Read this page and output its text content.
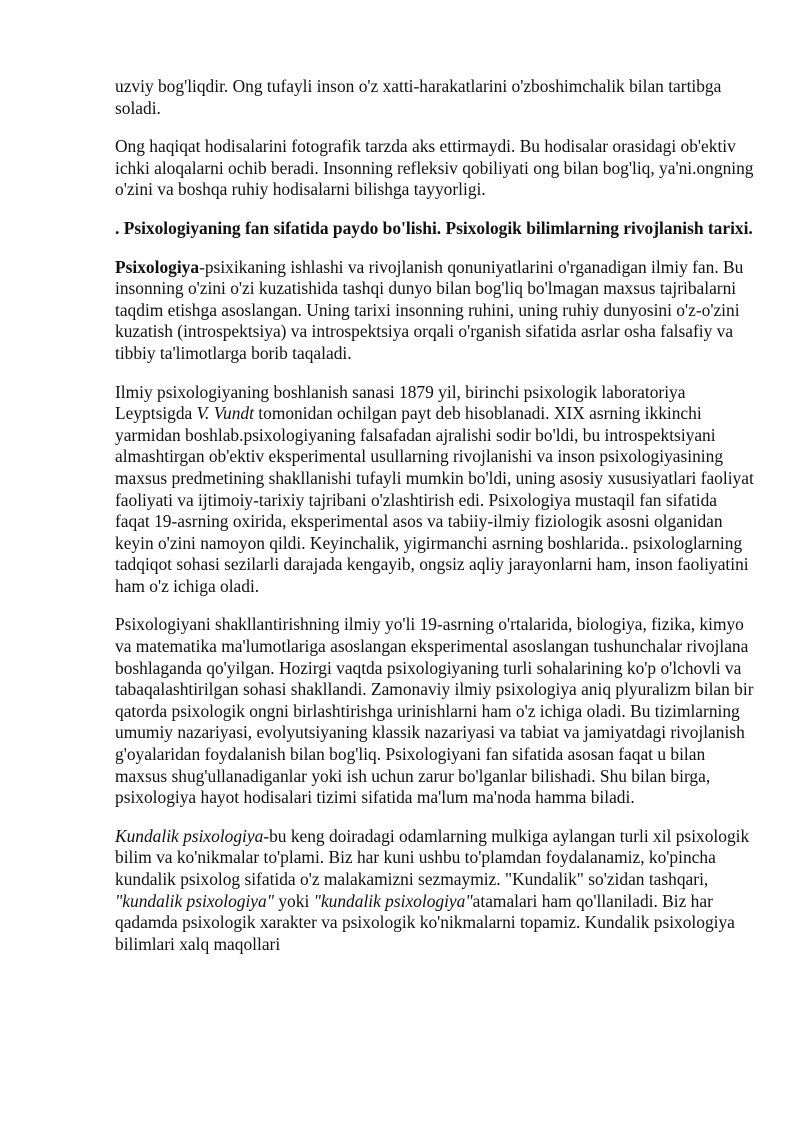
uzviy bog'liqdir. Ong tufayli inson o'z xatti-harakatlarini o'zboshimchalik bilan tartibga soladi.

Ong haqiqat hodisalarini fotografik tarzda aks ettirmaydi. Bu hodisalar orasidagi ob'ektiv ichki aloqalarni ochib beradi. Insonning refleksiv qobiliyati ong bilan bog'liq, ya'ni.ongning o'zini va boshqa ruhiy hodisalarni bilishga tayyorligi.

. Psixologiyaning fan sifatida paydo bo'lishi. Psixologik bilimlarning rivojlanish tarixi.

Psixologiya-psixikaning ishlashi va rivojlanish qonuniyatlarini o'rganadigan ilmiy fan. Bu insonning o'zini o'zi kuzatishida tashqi dunyo bilan bog'liq bo'lmagan maxsus tajribalarni taqdim etishga asoslangan. Uning tarixi insonning ruhini, uning ruhiy dunyosini o'z-o'zini kuzatish (introspektsiya) va introspektsiya orqali o'rganish sifatida asrlar osha falsafiy va tibbiy ta'limotlarga borib taqaladi.

Ilmiy psixologiyaning boshlanish sanasi 1879 yil, birinchi psixologik laboratoriya Leyptsigda V. Vundt tomonidan ochilgan payt deb hisoblanadi. XIX asrning ikkinchi yarmidan boshlab.psixologiyaning falsafadan ajralishi sodir bo'ldi, bu introspektsiyani almashtirgan ob'ektiv eksperimental usullarning rivojlanishi va inson psixologiyasining maxsus predmetining shakllanishi tufayli mumkin bo'ldi, uning asosiy xususiyatlari faoliyat faoliyati va ijtimoiy-tarixiy tajribani o'zlashtirish edi. Psixologiya mustaqil fan sifatida faqat 19-asrning oxirida, eksperimental asos va tabiiy-ilmiy fiziologik asosni olganidan keyin o'zini namoyon qildi. Keyinchalik, yigirmanchi asrning boshlarida.. psixologlarning tadqiqot sohasi sezilarli darajada kengayib, ongsiz aqliy jarayonlarni ham, inson faoliyatini ham o'z ichiga oladi.

Psixologiyani shakllantirishning ilmiy yo'li 19-asrning o'rtalarida, biologiya, fizika, kimyo va matematika ma'lumotlariga asoslangan eksperimental asoslangan tushunchalar rivojlana boshlaganda qo'yilgan. Hozirgi vaqtda psixologiyaning turli sohalarining ko'p o'lchovli va tabaqalashtirilgan sohasi shakllandi. Zamonaviy ilmiy psixologiya aniq plyuralizm bilan bir qatorda psixologik ongni birlashtirishga urinishlarni ham o'z ichiga oladi. Bu tizimlarning umumiy nazariyasi, evolyutsiyaning klassik nazariyasi va tabiat va jamiyatdagi rivojlanish g'oyalaridan foydalanish bilan bog'liq. Psixologiyani fan sifatida asosan faqat u bilan maxsus shug'ullanadiganlar yoki ish uchun zarur bo'lganlar bilishadi. Shu bilan birga, psixologiya hayot hodisalari tizimi sifatida ma'lum ma'noda hamma biladi.

Kundalik psixologiya-bu keng doiradagi odamlarning mulkiga aylangan turli xil psixologik bilim va ko'nikmalar to'plami. Biz har kuni ushbu to'plamdan foydalanamiz, ko'pincha kundalik psixolog sifatida o'z malakamizni sezmaymiz. "Kundalik" so'zidan tashqari, "kundalik psixologiya" yoki "kundalik psixologiya"atamalari ham qo'llaniladi. Biz har qadamda psixologik xarakter va psixologik ko'nikmalarni topamiz. Kundalik psixologiya bilimlari xalq maqollari
